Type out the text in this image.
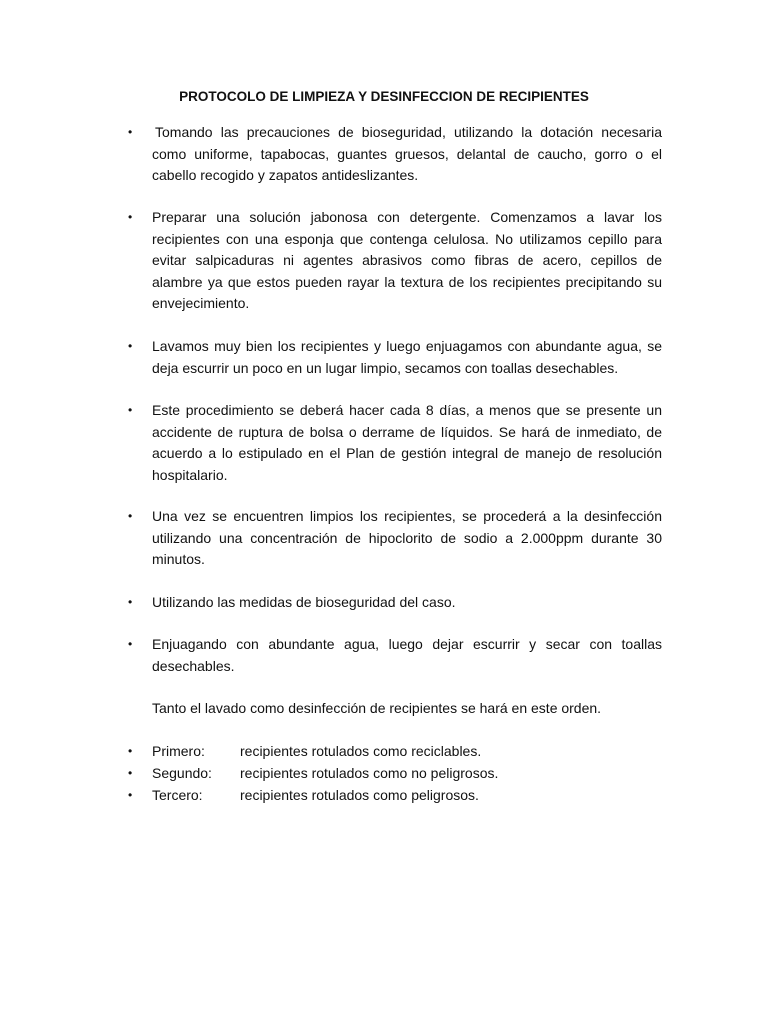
PROTOCOLO DE LIMPIEZA Y DESINFECCION DE RECIPIENTES
• Tomando las precauciones de bioseguridad, utilizando la dotación necesaria como uniforme, tapabocas, guantes gruesos, delantal de caucho, gorro o el cabello recogido y zapatos antideslizantes.
• Preparar una solución jabonosa con detergente. Comenzamos a lavar los recipientes con una esponja que contenga celulosa. No utilizamos cepillo para evitar salpicaduras ni agentes abrasivos como fibras de acero, cepillos de alambre ya que estos pueden rayar la textura de los recipientes precipitando su envejecimiento.
• Lavamos muy bien los recipientes y luego enjuagamos con abundante agua, se deja escurrir un poco en un lugar limpio, secamos con toallas desechables.
• Este procedimiento se deberá hacer cada 8 días, a menos que se presente un accidente de ruptura de bolsa o derrame de líquidos. Se hará de inmediato, de acuerdo a lo estipulado en el Plan de gestión integral de manejo de resolución hospitalario.
• Una vez se encuentren limpios los recipientes, se procederá a la desinfección utilizando una concentración de hipoclorito de sodio a 2.000ppm durante 30 minutos.
• Utilizando las medidas de bioseguridad del caso.
• Enjuagando con abundante agua, luego dejar escurrir y secar con toallas desechables.
Tanto el lavado como desinfección de recipientes se hará en este orden.
• Primero:	recipientes rotulados como reciclables.
• Segundo: recipientes rotulados como no peligrosos.
• Tercero:	recipientes rotulados como peligrosos.
